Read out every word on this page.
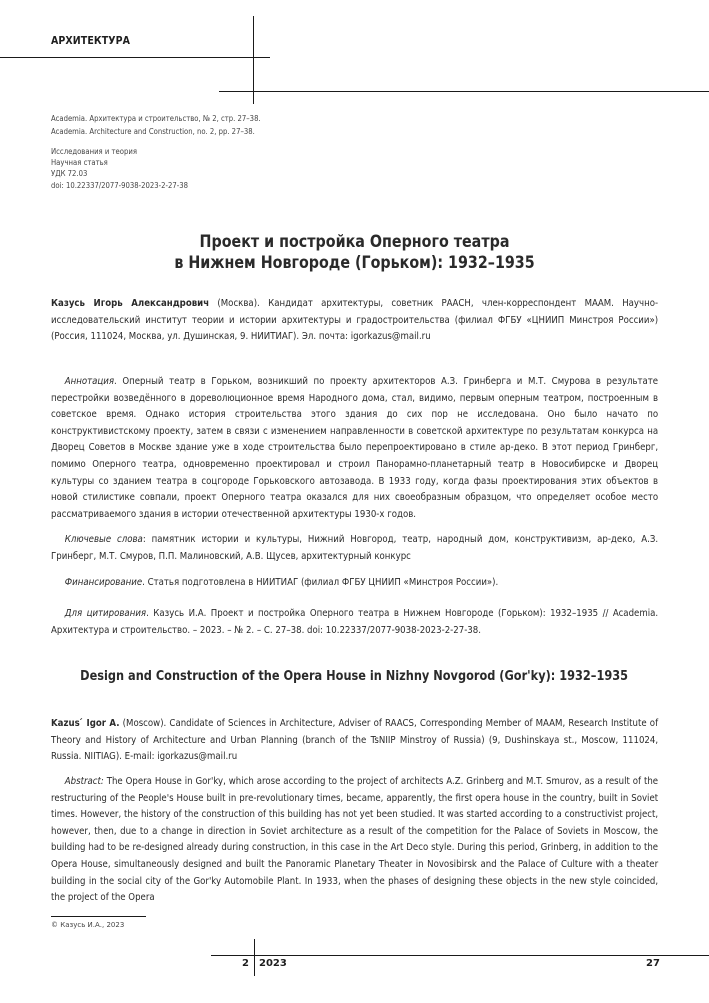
АРХИТЕКТУРА
Academia. Архитектура и строительство, № 2, стр. 27–38.
Academia. Architecture and Construction, no. 2, pp. 27–38.
Исследования и теория
Научная статья
УДК 72.03
doi: 10.22337/2077-9038-2023-2-27-38
Проект и постройка Оперного театра
в Нижнем Новгороде (Горьком): 1932–1935
Казусь Игорь Александрович (Москва). Кандидат архитектуры, советник РААСН, член-корреспондент МААМ. Научно-исследовательский институт теории и истории архитектуры и градостроительства (филиал ФГБУ «ЦНИИП Минстроя России») (Россия, 111024, Москва, ул. Душинская, 9. НИИТИАГ). Эл. почта: igorkazus@mail.ru
Аннотация. Оперный театр в Горьком, возникший по проекту архитекторов А.З. Гринберга и М.Т. Смурова в результате перестройки возведённого в дореволюционное время Народного дома, стал, видимо, первым оперным театром, построенным в советское время. Однако история строительства этого здания до сих пор не исследована. Оно было начато по конструктивистскому проекту, затем в связи с изменением направленности в советской архитектуре по результатам конкурса на Дворец Советов в Москве здание уже в ходе строительства было перепроектировано в стиле ар-деко. В этот период Гринберг, помимо Оперного театра, одновременно проектировал и строил Панорамно-планетарный театр в Новосибирске и Дворец культуры со зданием театра в соцгороде Горьковского автозавода. В 1933 году, когда фазы проектирования этих объектов в новой стилистике совпали, проект Оперного театра оказался для них своеобразным образцом, что определяет особое место рассматриваемого здания в истории отечественной архитектуры 1930-х годов.
Ключевые слова: памятник истории и культуры, Нижний Новгород, театр, народный дом, конструктивизм, ар-деко, А.З. Гринберг, М.Т. Смуров, П.П. Малиновский, А.В. Щусев, архитектурный конкурс
Финансирование. Статья подготовлена в НИИТИАГ (филиал ФГБУ ЦНИИП «Минстроя России»).
Для цитирования. Казусь И.А. Проект и постройка Оперного театра в Нижнем Новгороде (Горьком): 1932–1935 // Academia. Архитектура и строительство. – 2023. – № 2. – С. 27–38. doi: 10.22337/2077-9038-2023-2-27-38.
Design and Construction of the Opera House in Nizhny Novgorod (Gor'ky): 1932–1935
Kazus ́ Igor A. (Moscow). Candidate of Sciences in Architecture, Adviser of RAACS, Corresponding Member of MAAM, Research Institute of Theory and History of Architecture and Urban Planning (branch of the TsNIIP Minstroy of Russia) (9, Dushinskaya st., Moscow, 111024, Russia. NIITIAG). E-mail: igorkazus@mail.ru
Abstract: The Opera House in Gor'ky, which arose according to the project of architects A.Z. Grinberg and M.T. Smurov, as a result of the restructuring of the People's House built in pre-revolutionary times, became, apparently, the first opera house in the country, built in Soviet times. However, the history of the construction of this building has not yet been studied. It was started according to a constructivist project, however, then, due to a change in direction in Soviet architecture as a result of the competition for the Palace of Soviets in Moscow, the building had to be re-designed already during construction, in this case in the Art Deco style. During this period, Grinberg, in addition to the Opera House, simultaneously designed and built the Panoramic Planetary Theater in Novosibirsk and the Palace of Culture with a theater building in the social city of the Gor'ky Automobile Plant. In 1933, when the phases of designing these objects in the new style coincided, the project of the Opera
© Казусь И.А., 2023
2 2023	27
